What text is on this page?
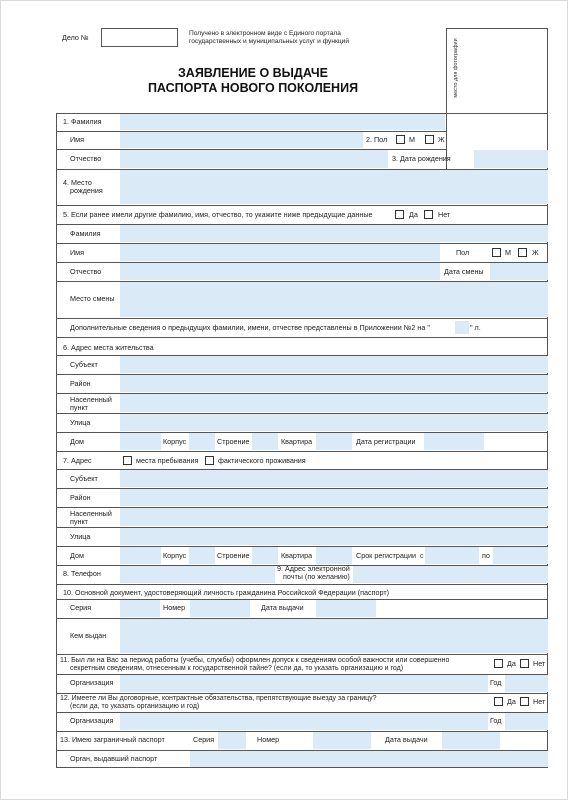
Дело №	Получено в электронном виде с Единого портала
государственных и муниципальных услуг и функций	место для фотографии
ЗАЯВЛЕНИЕ О ВЫДАЧЕ
ПАСПОРТА НОВОГО ПОКОЛЕНИЯ
1. Фамилия
Имя	2. Пол	М	Ж
Отчество	3. Дата рождения
4. Место
рождения
5. Если ранее имели другие фамилию, имя, отчество, то укажите ниже предыдущие данные	Да	Нет
Фамилия
Имя	Пол	М	Ж
Отчество	Дата смены
Место смены
Дополнительные сведения о предыдущих фамилии, имени, отчестве представлены в Приложении №2 на "	" л.
6. Адрес места жительства
Субъект
Район
Населенный
пункт
Улица
Дом	Корпус	Строение	Квартира	Дата регистрации
7. Адрес	места пребывания	фактического проживания
Субъект
Район
Населенный
пункт
Улица
Дом	Корпус	Строение	Квартира	Срок регистрации с	по
8. Телефон
9. Адрес электронной
почты (по желанию)
10. Основной документ, удостоверяющий личность гражданина Российской Федерации (паспорт)
Серия	Номер	Дата выдачи
Кем выдан
11. Был ли на Вас за период работы (учебы, службы) оформлен допуск к сведениям особой важности или совершенно
секретным сведениям, отнесенным к государственной тайне? (если да, то указать организацию и год)
Да Нет
Организация	Год
12. Имеете ли Вы договорные, контрактные обязательства, препятствующие выезду за границу?
(если да, то указать организацию и год)
Да Нет
Организация	Год
13. Имею заграничный паспорт	Серия	Номер	Дата выдачи
Орган, выдавший паспорт
